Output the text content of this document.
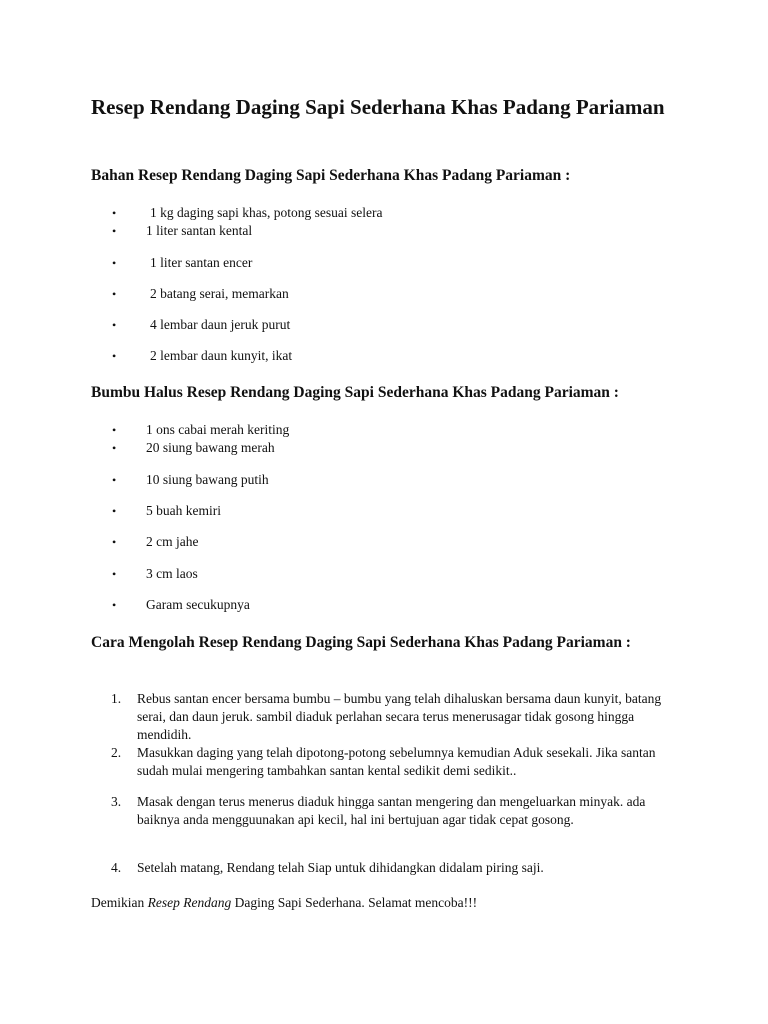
Resep Rendang Daging Sapi Sederhana Khas Padang Pariaman
Bahan Resep Rendang Daging Sapi Sederhana Khas Padang Pariaman :
•	1 kg daging sapi khas, potong sesuai selera
• 1 liter santan kental
•	1 liter santan encer
•	2 batang serai, memarkan
•	4 lembar daun jeruk purut
•	2 lembar daun kunyit, ikat
Bumbu Halus Resep Rendang Daging Sapi Sederhana Khas Padang Pariaman :
• 1 ons cabai merah keriting
• 20 siung bawang merah
• 10 siung bawang putih
• 5 buah kemiri
• 2 cm jahe
• 3 cm laos
• Garam secukupnya
Cara Mengolah Resep Rendang Daging Sapi Sederhana Khas Padang Pariaman :
1. Rebus santan encer bersama bumbu – bumbu yang telah dihaluskan bersama daun kunyit, batang serai, dan daun jeruk. sambil diaduk perlahan secara terus menerusagar tidak gosong hingga mendidih.
2. Masukkan daging yang telah dipotong-potong sebelumnya kemudian Aduk sesekali. Jika santan sudah mulai mengering tambahkan santan kental sedikit demi sedikit..
3. Masak dengan terus menerus diaduk hingga santan mengering dan mengeluarkan minyak. ada baiknya anda mengguunakan api kecil, hal ini bertujuan agar tidak cepat gosong.
4. Setelah matang, Rendang telah Siap untuk dihidangkan didalam piring saji.
Demikian Resep Rendang Daging Sapi Sederhana. Selamat mencoba!!!
